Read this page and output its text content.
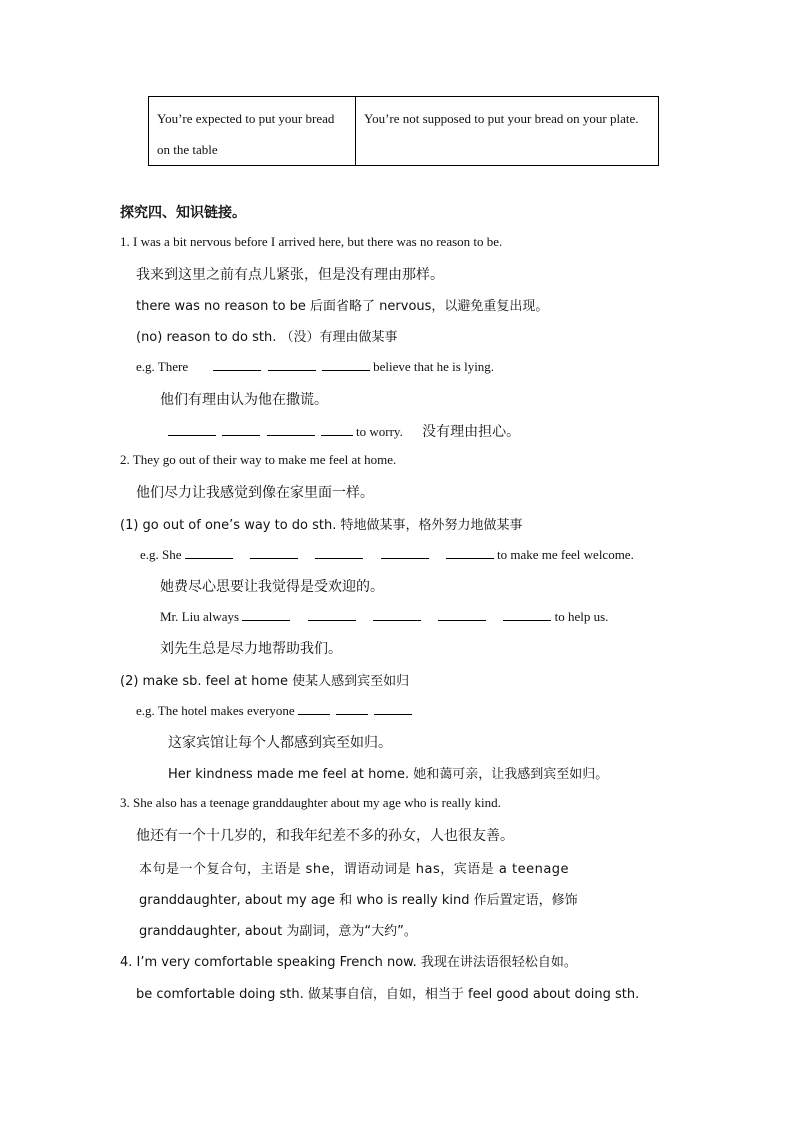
You’re expected to put your bread on the table	You’re not supposed to put your bread on your plate.
探究四、知识链接。
1. I was a bit nervous before I arrived here, but there was no reason to be.
我来到这里之前有点儿紧张，但是没有理由那样。
there was no reason to be 后面省略了 nervous，以避免重复出现。
(no) reason to do sth. （没）有理由做某事
e.g. There	believe that he is lying.
他们有理由认为他在撒谎。
to worry. 没有理由担心。
2. They go out of their way to make me feel at home.
他们尽力让我感觉到像在家里面一样。
(1) go out of one’s way to do sth. 特地做某事，格外努力地做某事
e.g. She	to make me feel welcome.
她费尽心思要让我觉得是受欢迎的。
Mr. Liu always	to help us.
刘先生总是尽力地帮助我们。
(2) make sb. feel at home 使某人感到宾至如归
e.g. The hotel makes everyone
这家宾馆让每个人都感到宾至如归。
Her kindness made me feel at home. 她和蔼可亲，让我感到宾至如归。
3. She also has a teenage granddaughter about my age who is really kind.
他还有一个十几岁的，和我年纪差不多的孙女，人也很友善。
本句是一个复合句，主语是 she，谓语动词是 has，宾语是 a teenage
granddaughter, about my age 和 who is really kind 作后置定语，修饰
granddaughter, about 为副词，意为“大约”。
4. I’m very comfortable speaking French now. 我现在讲法语很轻松自如。
be comfortable doing sth. 做某事自信，自如，相当于 feel good about doing sth.
